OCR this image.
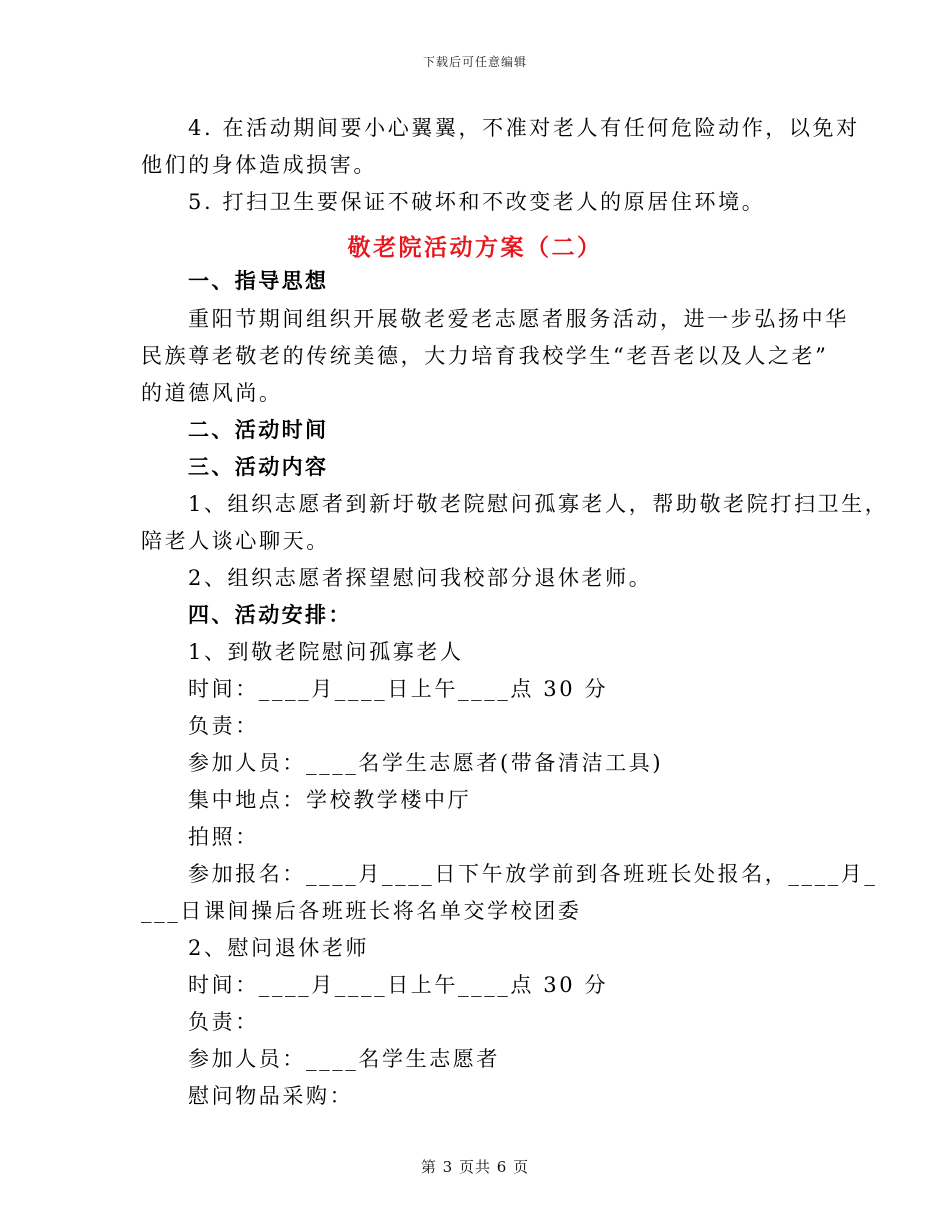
下载后可任意编辑
4. 在活动期间要小心翼翼，不准对老人有任何危险动作，以免对
他们的身体造成损害。
5. 打扫卫生要保证不破坏和不改变老人的原居住环境。
敬老院活动方案（二）
一、指导思想
重阳节期间组织开展敬老爱老志愿者服务活动，进一步弘扬中华
民族尊老敬老的传统美德，大力培育我校学生“老吾老以及人之老”
的道德风尚。
二、活动时间
三、活动内容
1、组织志愿者到新圩敬老院慰问孤寡老人，帮助敬老院打扫卫生，
陪老人谈心聊天。
2、组织志愿者探望慰问我校部分退休老师。
四、活动安排：
1、到敬老院慰问孤寡老人
时间：____月____日上午____点 30 分
负责：
参加人员：____名学生志愿者(带备清洁工具)
集中地点：学校教学楼中厅
拍照：
参加报名：____月____日下午放学前到各班班长处报名，____月_
___日课间操后各班班长将名单交学校团委
2、慰问退休老师
时间：____月____日上午____点 30 分
负责：
参加人员：____名学生志愿者
慰问物品采购：
第 3 页共 6 页
